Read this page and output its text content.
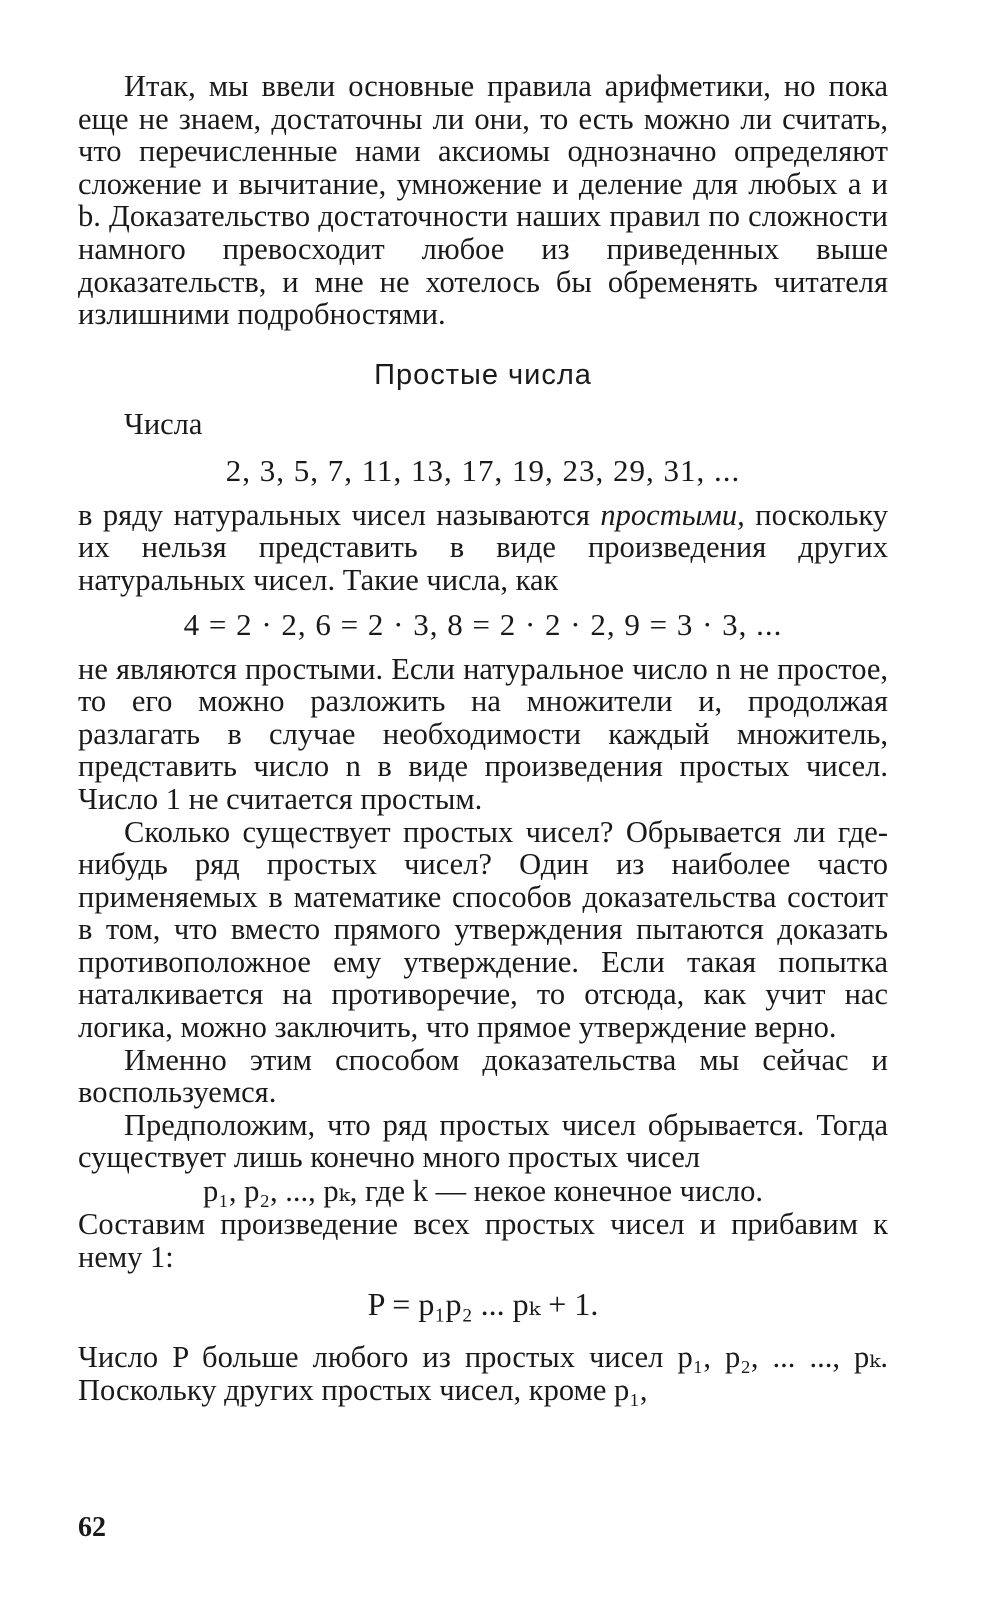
Итак, мы ввели основные правила арифметики, но пока еще не знаем, достаточны ли они, то есть можно ли считать, что перечисленные нами аксиомы однозначно определяют сложение и вычитание, умножение и деление для любых a и b. Доказательство достаточности наших правил по сложности намного превосходит любое из приведенных выше доказательств, и мне не хотелось бы обременять читателя излишними подробностями.

Простые числа

Числа

2, 3, 5, 7, 11, 13, 17, 19, 23, 29, 31, ...

в ряду натуральных чисел называются простыми, поскольку их нельзя представить в виде произведения других натуральных чисел. Такие числа, как

4 = 2 · 2, 6 = 2 · 3, 8 = 2 · 2 · 2, 9 = 3 · 3, ...

не являются простыми. Если натуральное число n не простое, то его можно разложить на множители и, продолжая разлагать в случае необходимости каждый множитель, представить число n в виде произведения простых чисел. Число 1 не считается простым.

Сколько существует простых чисел? Обрывается ли где-нибудь ряд простых чисел? Один из наиболее часто применяемых в математике способов доказательства состоит в том, что вместо прямого утверждения пытаются доказать противоположное ему утверждение. Если такая попытка наталкивается на противоречие, то отсюда, как учит нас логика, можно заключить, что прямое утверждение верно.

Именно этим способом доказательства мы сейчас и воспользуемся.

Предположим, что ряд простых чисел обрывается. Тогда существует лишь конечно много простых чисел

p₁, p₂, ..., pₖ, где k — некое конечное число.

Составим произведение всех простых чисел и прибавим к нему 1:

P = p₁p₂ ... pₖ + 1.

Число P больше любого из простых чисел p₁, p₂, ... ..., pₖ. Поскольку других простых чисел, кроме p₁,

62
